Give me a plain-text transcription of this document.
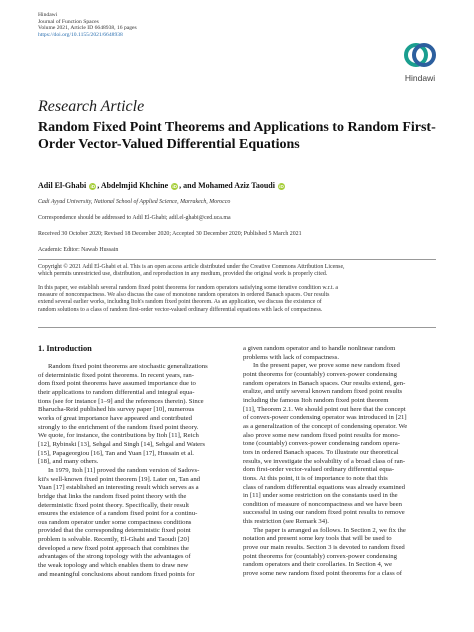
Hindawi
Journal of Function Spaces
Volume 2021, Article ID 6648938, 16 pages
https://doi.org/10.1155/2021/6648938
Hindawi
Research Article
Random Fixed Point Theorems and Applications to Random First-Order Vector-Valued Differential Equations
Adil El-Ghabi iD , Abdelmjid Khchine iD , and Mohamed Aziz Taoudi iD
Cadi Ayyad University, National School of Applied Science, Marrakech, Morocco
Correspondence should be addressed to Adil El-Ghabi; adil.el-ghabi@ced.uca.ma
Received 30 October 2020; Revised 18 December 2020; Accepted 30 December 2020; Published 5 March 2021
Academic Editor: Nawab Hussain
Copyright © 2021 Adil El-Ghabi et al. This is an open access article distributed under the Creative Commons Attribution License,
which permits unrestricted use, distribution, and reproduction in any medium, provided the original work is properly cited.
In this paper, we establish several random fixed point theorems for random operators satisfying some iterative condition w.r.t. a
measure of noncompactness. We also discuss the case of monotone random operators in ordered Banach spaces. Our results
extend several earlier works, including Itoh's random fixed point theorem. As an application, we discuss the existence of
random solutions to a class of random first-order vector-valued ordinary differential equations with lack of compactness.
1. Introduction
Random fixed point theorems are stochastic generalizations
of deterministic fixed point theorems. In recent years, ran-
dom fixed point theorems have assumed importance due to
their applications to random differential and integral equa-
tions (see for instance [1–9] and the references therein). Since
Bharucha-Reid published his survey paper [10], numerous
works of great importance have appeared and contributed
strongly to the enrichment of the random fixed point theory.
We quote, for instance, the contributions by Itoh [11], Reich
[12], Rybinski [13], Sehgal and Singh [14], Sehgal and Waters
[15], Papageorgiou [16], Tan and Yuan [17], Hussain et al.
[18], and many others.
In 1979, Itoh [11] proved the random version of Sadovs-
kii's well-known fixed point theorem [19]. Later on, Tan and
Yuan [17] established an interesting result which serves as a
bridge that links the random fixed point theory with the
deterministic fixed point theory. Specifically, their result
ensures the existence of a random fixed point for a continu-
ous random operator under some compactness conditions
provided that the corresponding deterministic fixed point
problem is solvable. Recently, El-Ghabi and Taoudi [20]
developed a new fixed point approach that combines the
advantages of the strong topology with the advantages of
the weak topology and which enables them to draw new
and meaningful conclusions about random fixed points for
a given random operator and to handle nonlinear random
problems with lack of compactness.
In the present paper, we prove some new random fixed
point theorems for (countably) convex-power condensing
random operators in Banach spaces. Our results extend, gen-
eralize, and unify several known random fixed point results
including the famous Itoh random fixed point theorem
[11], Theorem 2.1. We should point out here that the concept
of convex-power condensing operator was introduced in [21]
as a generalization of the concept of condensing operator. We
also prove some new random fixed point results for mono-
tone (countably) convex-power condensing random opera-
tors in ordered Banach spaces. To illustrate our theoretical
results, we investigate the solvability of a broad class of ran-
dom first-order vector-valued ordinary differential equa-
tions. At this point, it is of importance to note that this
class of random differential equations was already examined
in [11] under some restriction on the constants used in the
condition of measure of noncompactness and we have been
successful in using our random fixed point results to remove
this restriction (see Remark 34).
The paper is arranged as follows. In Section 2, we fix the
notation and present some key tools that will be used to
prove our main results. Section 3 is devoted to random fixed
point theorems for (countably) convex-power condensing
random operators and their corollaries. In Section 4, we
prove some new random fixed point theorems for a class of
